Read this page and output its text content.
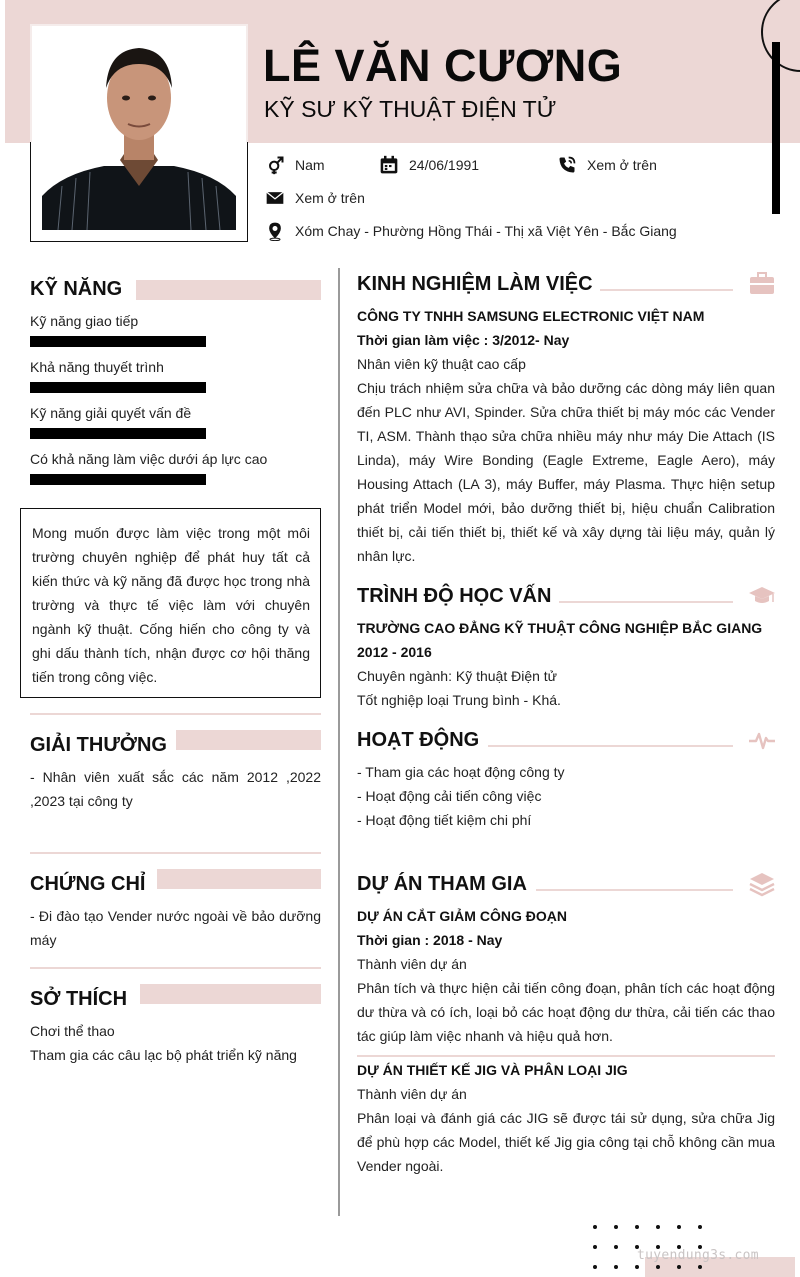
LÊ VĂN CƯƠNG
KỸ SƯ KỸ THUẬT ĐIỆN TỬ
Nam	24/06/1991	Xem ở trên
Xem ở trên
Xóm Chay - Phường Hồng Thái - Thị xã Việt Yên - Bắc Giang
KỸ NĂNG
Kỹ năng giao tiếp
Khả năng thuyết trình
Kỹ năng giải quyết vấn đề
Có khả năng làm việc dưới áp lực cao
Mong muốn được làm việc trong một môi trường chuyên nghiệp để phát huy tất cả kiến thức và kỹ năng đã được học trong nhà trường và thực tế việc làm với chuyên ngành kỹ thuật. Cống hiến cho công ty và ghi dấu thành tích, nhận được cơ hội thăng tiến trong công việc.
GIẢI THƯỞNG
- Nhân viên xuất sắc các năm 2012 ,2022 ,2023 tại công ty
CHỨNG CHỈ
- Đi đào tạo Vender nước ngoài về bảo dưỡng máy
SỞ THÍCH
Chơi thể thao
Tham gia các câu lạc bộ phát triển kỹ năng
KINH NGHIỆM LÀM VIỆC
CÔNG TY TNHH SAMSUNG ELECTRONIC VIỆT NAM
Thời gian làm việc : 3/2012- Nay
Nhân viên kỹ thuật cao cấp
Chịu trách nhiệm sửa chữa và bảo dưỡng các dòng máy liên quan đến PLC như AVI, Spinder. Sửa chữa thiết bị máy móc các Vender TI, ASM. Thành thạo sửa chữa nhiều máy như máy Die Attach (IS Linda), máy Wire Bonding (Eagle Extreme, Eagle Aero), máy Housing Attach (LA 3), máy Buffer, máy Plasma. Thực hiện setup phát triển Model mới, bảo dưỡng thiết bị, hiệu chuẩn Calibration thiết bị, cải tiến thiết bị, thiết kế và xây dựng tài liệu máy, quản lý nhân lực.
TRÌNH ĐỘ HỌC VẤN
TRƯỜNG CAO ĐẲNG KỸ THUẬT CÔNG NGHIỆP BẮC GIANG
2012 - 2016
Chuyên ngành: Kỹ thuật Điện tử
Tốt nghiệp loại Trung bình - Khá.
HOẠT ĐỘNG
- Tham gia các hoạt động công ty
- Hoạt động cải tiến công việc
- Hoạt động tiết kiệm chi phí
DỰ ÁN THAM GIA
DỰ ÁN CẮT GIẢM CÔNG ĐOẠN
Thời gian : 2018 - Nay
Thành viên dự án
Phân tích và thực hiện cải tiến công đoạn, phân tích các hoạt động dư thừa và có ích, loại bỏ các hoạt động dư thừa, cải tiến các thao tác giúp làm việc nhanh và hiệu quả hơn.
DỰ ÁN THIẾT KẾ JIG VÀ PHÂN LOẠI JIG
Thành viên dự án
Phân loại và đánh giá các JIG sẽ được tái sử dụng, sửa chữa Jig để phù hợp các Model, thiết kế Jig gia công tại chỗ không cần mua Vender ngoài.
tuyendung3s.com
